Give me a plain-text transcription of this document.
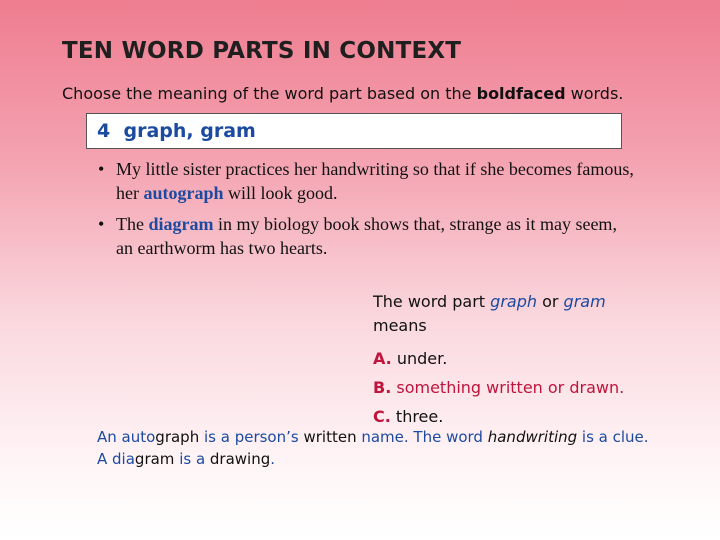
TEN WORD PARTS IN CONTEXT
Choose the meaning of the word part based on the boldfaced words.
4 graph, gram
• My little sister practices her handwriting so that if she becomes famous, her autograph will look good.
• The diagram in my biology book shows that, strange as it may seem, an earthworm has two hearts.
The word part graph or gram
means
A. under.
B. something written or drawn.
C. three.
An autograph is a person’s written name. The word handwriting is a clue. A diagram is a drawing.
